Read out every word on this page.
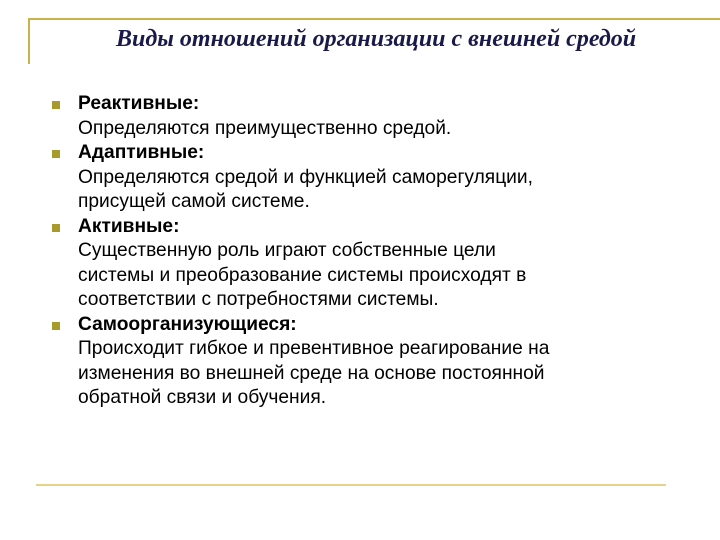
Виды отношений организации с внешней средой
Реактивные:
Определяются преимущественно средой.
Адаптивные:
Определяются средой и функцией саморегуляции,
присущей самой системе.
Активные:
Существенную роль играют собственные цели
системы и преобразование системы происходят в
соответствии с потребностями системы.
Самоорганизующиеся:
Происходит гибкое и превентивное реагирование на
изменения во внешней среде на основе постоянной
обратной связи и обучения.
